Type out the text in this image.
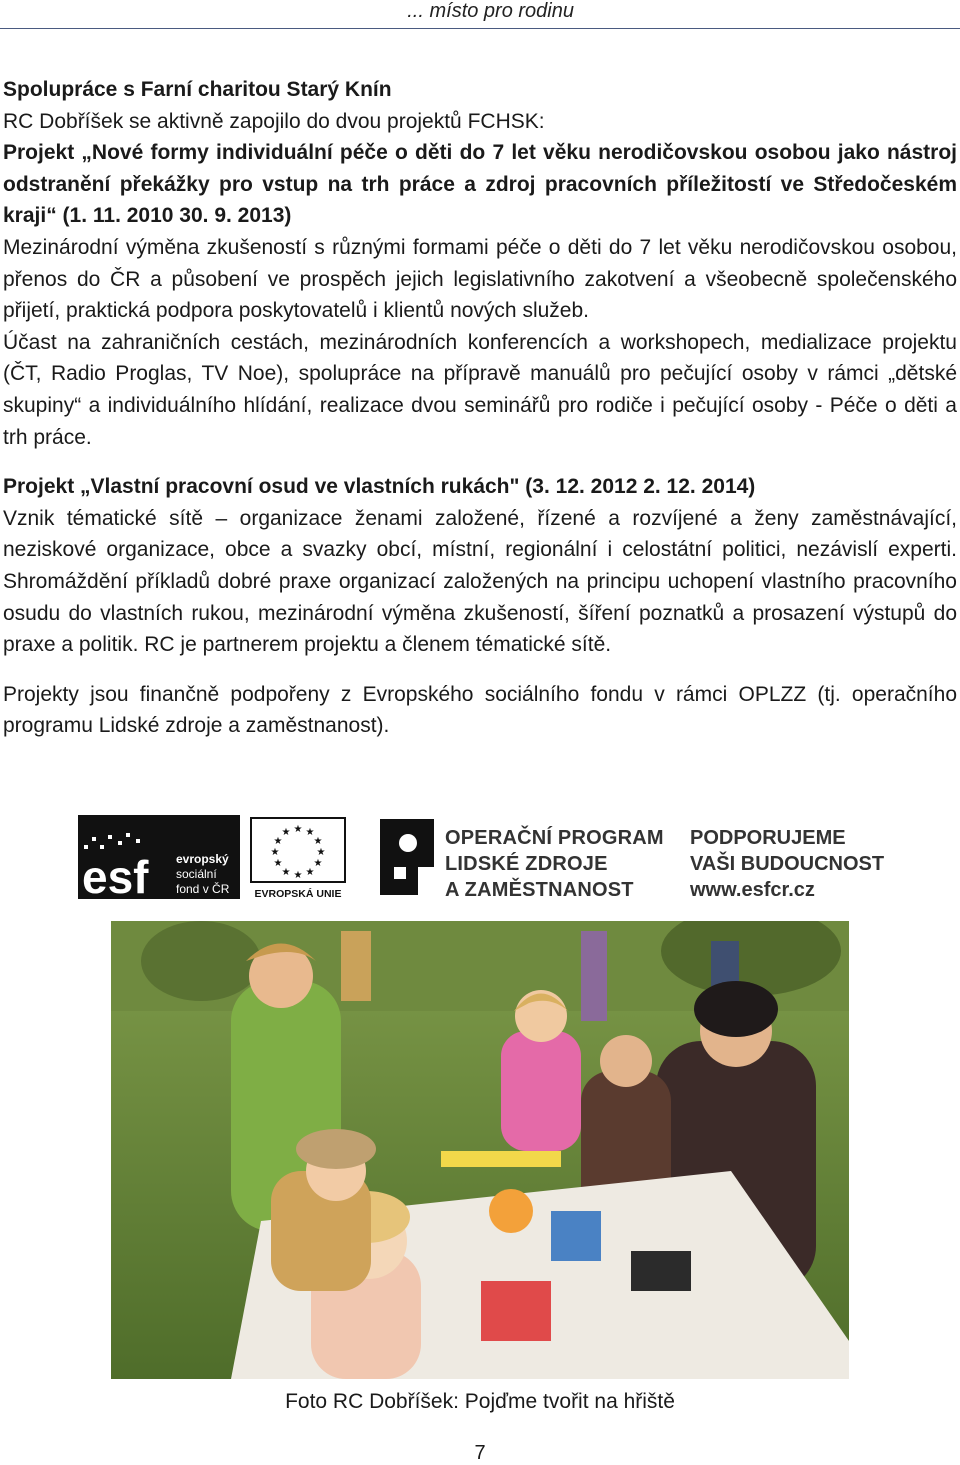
... místo pro rodinu

Spolupráce s Farní charitou Starý Knín

RC Dobříšek se aktivně zapojilo do dvou projektů FCHSK:

Projekt „Nové formy individuální péče o děti do 7 let věku nerodičovskou osobou jako nástroj odstranění překážky pro vstup na trh práce a zdroj pracovních příležitostí ve Středočeském kraji“ (1. 11. 2010 30. 9. 2013)

Mezinárodní výměna zkušeností s různými formami péče o děti do 7 let věku nerodičovskou osobou, přenos do ČR a působení ve prospěch jejich legislativního zakotvení a všeobecně společenského přijetí, praktická podpora poskytovatelů i klientů nových služeb.

Účast na zahraničních cestách, mezinárodních konferencích a workshopech, medializace projektu (ČT, Radio Proglas, TV Noe), spolupráce na přípravě manuálů pro pečující osoby v rámci „dětské skupiny“ a individuálního hlídání, realizace dvou seminářů pro rodiče i pečující osoby - Péče o děti a trh práce.

Projekt „Vlastní pracovní osud ve vlastních rukách" (3. 12. 2012 2. 12. 2014)

Vznik tématické sítě – organizace ženami založené, řízené a rozvíjené a ženy zaměstnávající, neziskové organizace, obce a svazky obcí, místní, regionální i celostátní politici, nezávislí experti. Shromáždění příkladů dobré praxe organizací založených na principu uchopení vlastního pracovního osudu do vlastních rukou, mezinárodní výměna zkušeností, šíření poznatků a prosazení výstupů do praxe a politik. RC je partnerem projektu a členem tématické sítě.

Projekty jsou finančně podpořeny z Evropského sociálního fondu v rámci OPLZZ (tj. operačního programu Lidské zdroje a zaměstnanost).

esf evropský
sociální
fond v ČR
★ ★
★
★
★
★
★
★
★
★
★
★
EVROPSKÁ UNIE
OPERAČNÍ PROGRAM
LIDSKÉ ZDROJE
A ZAMĚSTNANOST
PODPORUJEME
VAŠI BUDOUCNOST
www.esfcr.cz
Foto RC Dobříšek: Pojďme tvořit na hřiště
7
